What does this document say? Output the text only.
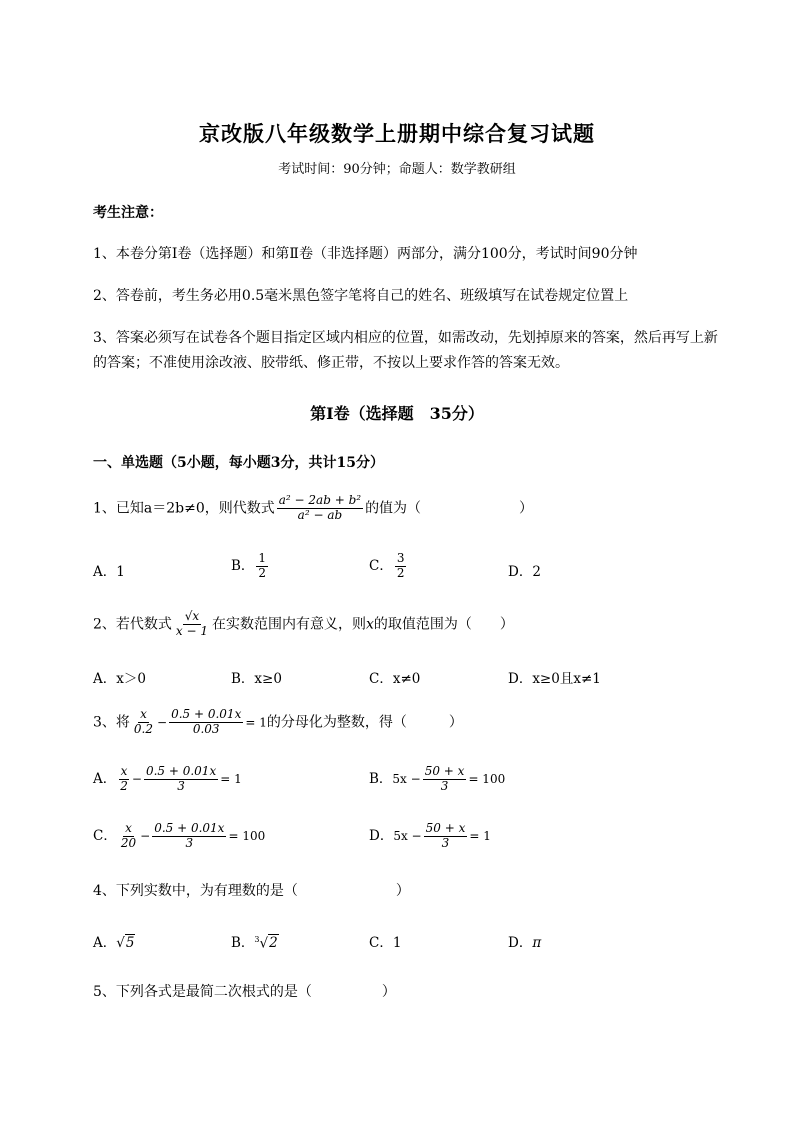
京改版八年级数学上册期中综合复习试题
考试时间：90分钟；命题人：数学教研组
考生注意：
1、本卷分第Ⅰ卷（选择题）和第Ⅱ卷（非选择题）两部分，满分100分，考试时间90分钟
2、答卷前，考生务必用0.5毫米黑色签字笔将自己的姓名、班级填写在试卷规定位置上
3、答案必须写在试卷各个题目指定区域内相应的位置，如需改动，先划掉原来的答案，然后再写上新
的答案；不准使用涂改液、胶带纸、修正带，不按以上要求作答的答案无效。
第Ⅰ卷（选择题　35分）
一、单选题（5小题，每小题3分，共计15分）
1、已知a＝2b≠0，则代数式 $\frac{\text{a² − 2ab + b²}}{\text{a² − ab}}$ 的值为（　　　　　　　）
A．1	B． $\frac{1}{2}$	C． $\frac{3}{2}$	D．2
2、若代数式 $\frac{√x}{x - 1}$ 在实数范围内有意义，则x的取值范围为（　　）
A．x＞0	B．x≥0	C．x≠0	D．x≥0且x≠1
3、将 $\frac{x}{0.2} - \frac{0.5 + 0.01x}{0.03} = 1$的分母化为整数，得（　　　）
A． $\frac{x}{2} - \frac{0.5 + 0.01x}{3} = 1$	B．$5x - \frac{50 + x}{3} = 100$
C． $\frac{x}{20} - \frac{0.5 + 0.01x}{3} = 100$	D．$5x - \frac{50 + x}{3} = 1$
4、下列实数中，为有理数的是（　　　　　　　）
A．√5	B．$^3$√2	C．1	D．π
5、下列各式是最简二次根式的是（　　　　　）
